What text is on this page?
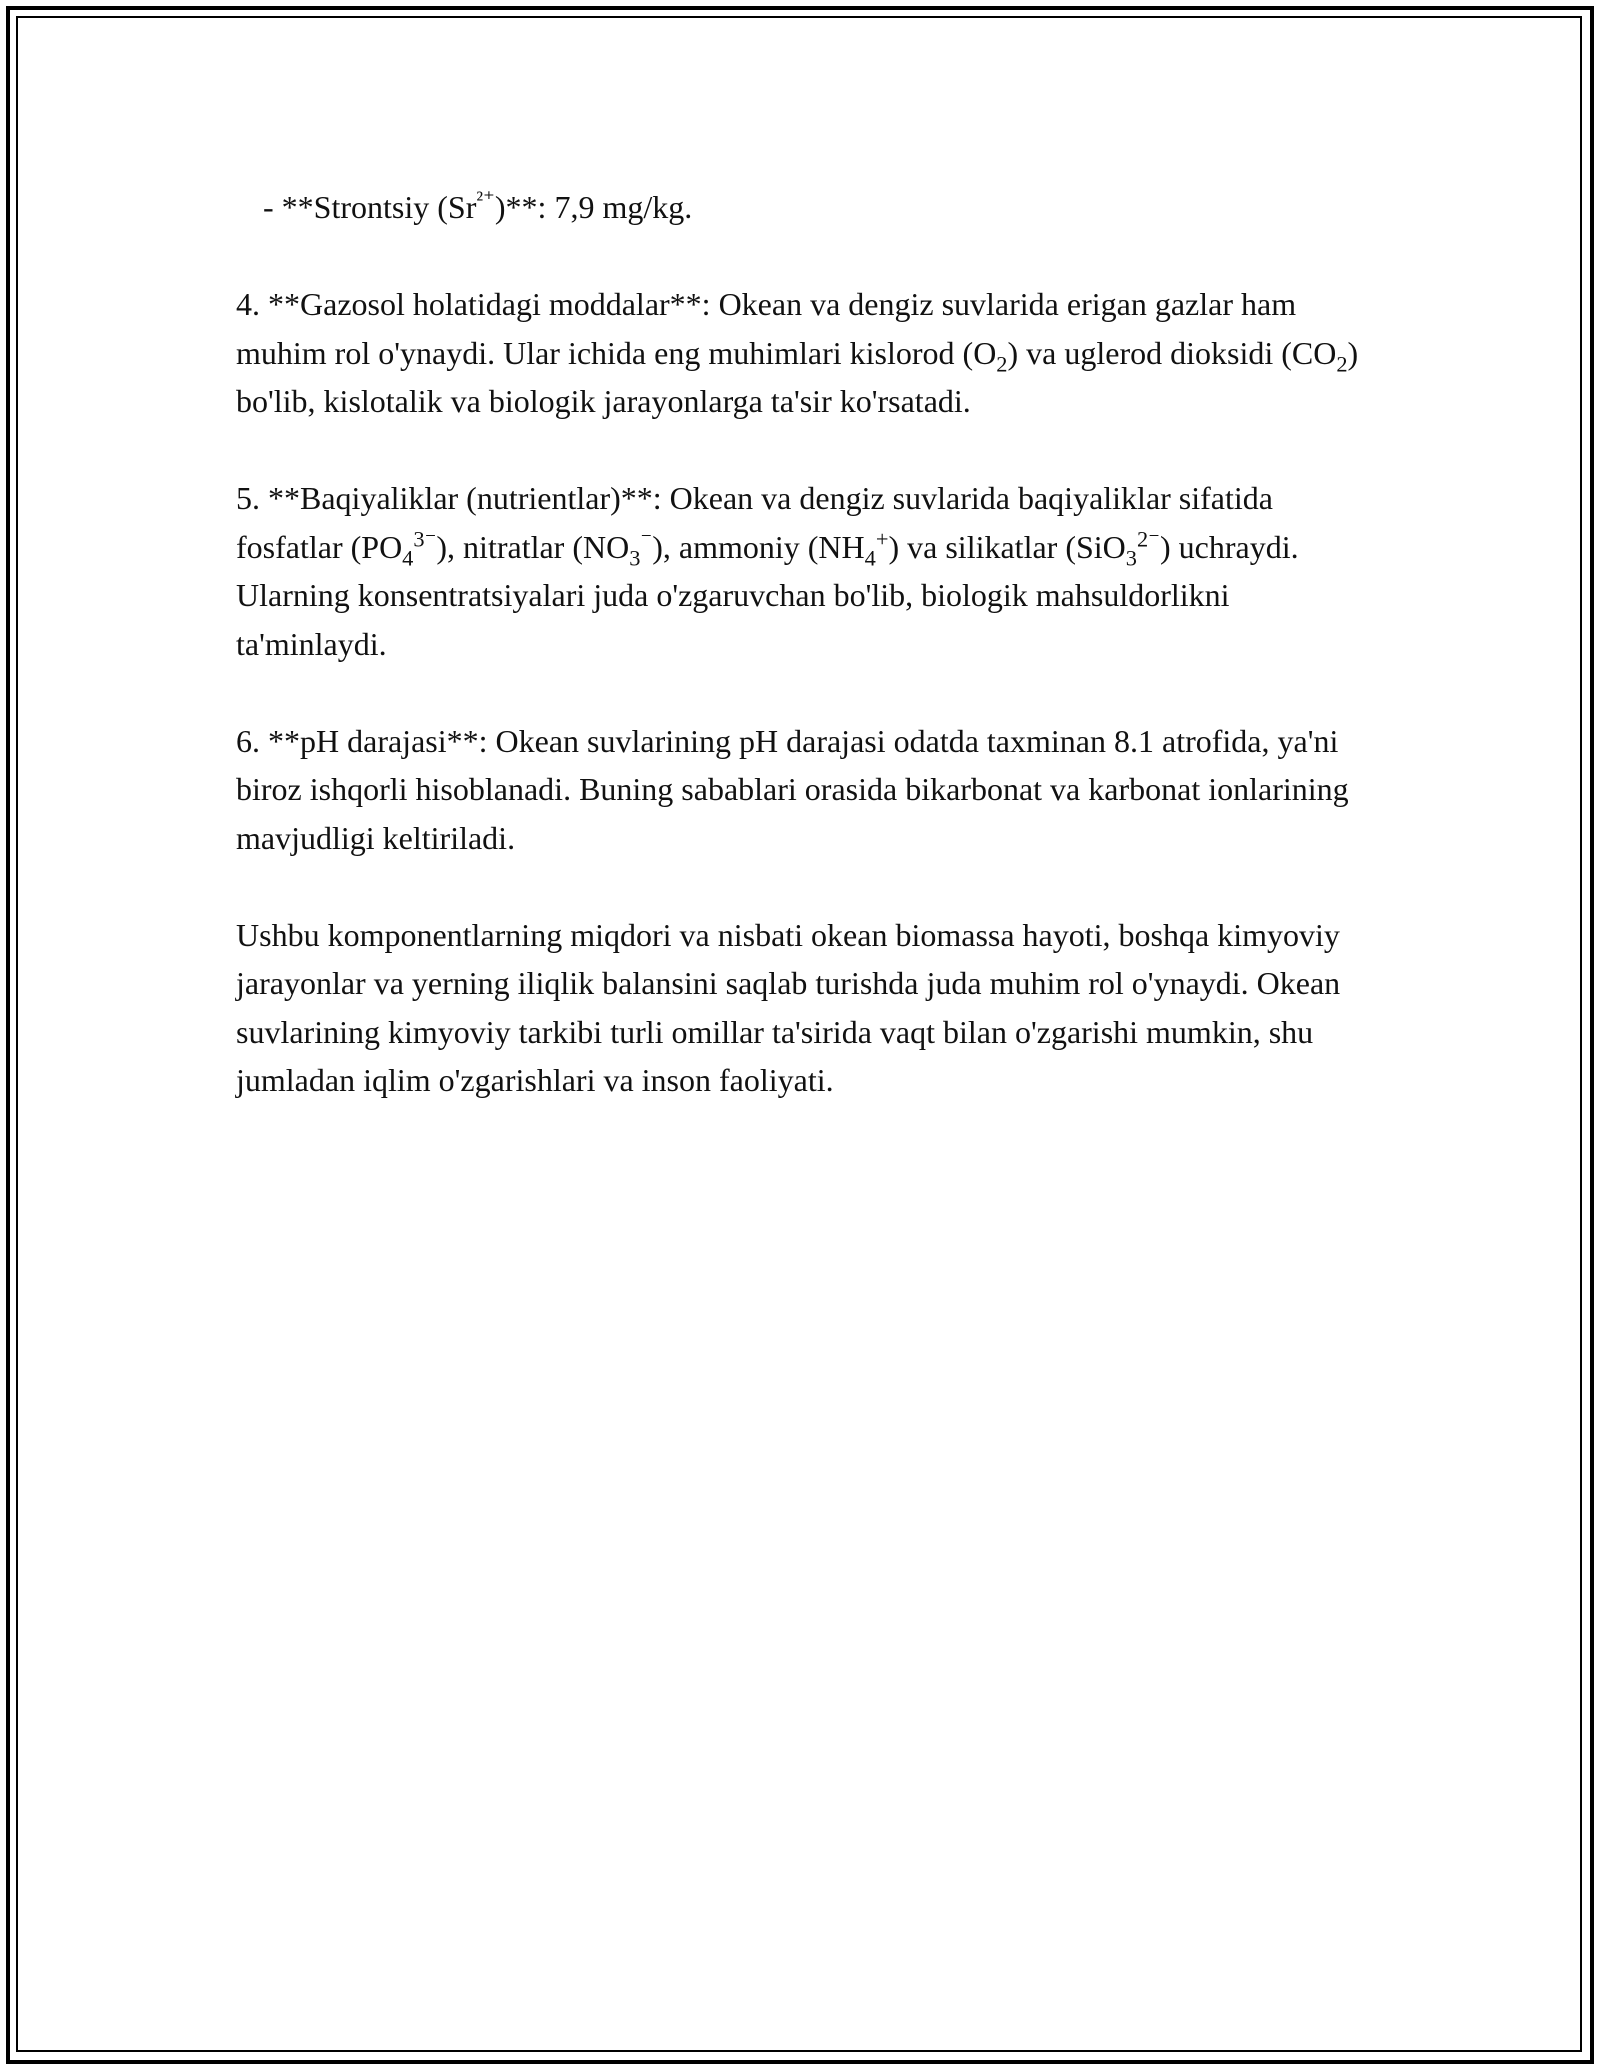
- **Strontsiy $(Sr^{^{2+}})**$: 7,9 mg/kg.

4. **Gazosol holatidagi moddalar**: Okean va dengiz suvlarida erigan gazlar ham muhim rol o'ynaydi. Ular ichida eng muhimlari kislorod $(O_2)$ va uglerod dioksidi $(CO_2)$ bo'lib, kislotalik va biologik jarayonlarga ta'sir ko'rsatadi.

5. **Baqiyaliklar (nutrientlar)**: Okean va dengiz suvlarida baqiyaliklar sifatida fosfatlar $(PO_4^{3^-})$, nitratlar $(NO_3^{^-})$, ammoniy $(NH_4^+)$ va silikatlar (SiO$_3^{2^-}$) uchraydi. Ularning konsentratsiyalari juda o'zgaruvchan bo'lib, biologik mahsuldorlikni ta'minlaydi.

6. **pH darajasi**: Okean suvlarining pH darajasi odatda taxminan 8.1 atrofida, ya'ni biroz ishqorli hisoblanadi. Buning sabablari orasida bikarbonat va karbonat ionlarining mavjudligi keltiriladi.

Ushbu komponentlarning miqdori va nisbati okean biomassa hayoti, boshqa kimyoviy jarayonlar va yerning iliqlik balansini saqlab turishda juda muhim rol o'ynaydi. Okean suvlarining kimyoviy tarkibi turli omillar ta'sirida vaqt bilan o'zgarishi mumkin, shu jumladan iqlim o'zgarishlari va inson faoliyati.
